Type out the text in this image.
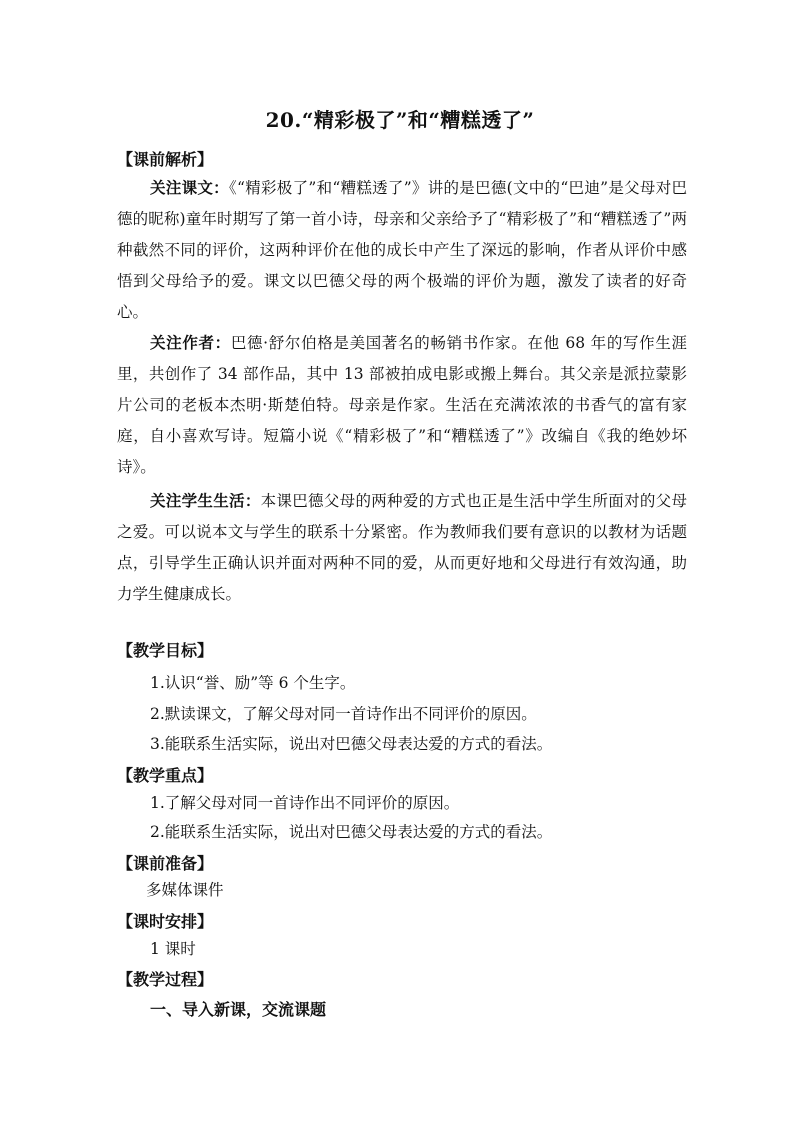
20.“精彩极了”和“糟糕透了”
【课前解析】
关注课文：《“精彩极了”和“糟糕透了”》讲的是巴德(文中的“巴迪”是父母对巴德的昵称)童年时期写了第一首小诗，母亲和父亲给予了“精彩极了”和“糟糕透了”两种截然不同的评价，这两种评价在他的成长中产生了深远的影响，作者从评价中感悟到父母给予的爱。课文以巴德父母的两个极端的评价为题，激发了读者的好奇心。
关注作者：巴德·舒尔伯格是美国著名的畅销书作家。在他 68 年的写作生涯里，共创作了 34 部作品，其中 13 部被拍成电影或搬上舞台。其父亲是派拉蒙影片公司的老板本杰明·斯楚伯特。母亲是作家。生活在充满浓浓的书香气的富有家庭，自小喜欢写诗。短篇小说《“精彩极了”和“糟糕透了”》改编自《我的绝妙坏诗》。
关注学生生活：本课巴德父母的两种爱的方式也正是生活中学生所面对的父母之爱。可以说本文与学生的联系十分紧密。作为教师我们要有意识的以教材为话题点，引导学生正确认识并面对两种不同的爱，从而更好地和父母进行有效沟通，助力学生健康成长。
【教学目标】
1.认识“誉、励”等 6 个生字。
2.默读课文，了解父母对同一首诗作出不同评价的原因。
3.能联系生活实际，说出对巴德父母表达爱的方式的看法。
【教学重点】
1.了解父母对同一首诗作出不同评价的原因。
2.能联系生活实际，说出对巴德父母表达爱的方式的看法。
【课前准备】
多媒体课件
【课时安排】
1 课时
【教学过程】
一、导入新课，交流课题
